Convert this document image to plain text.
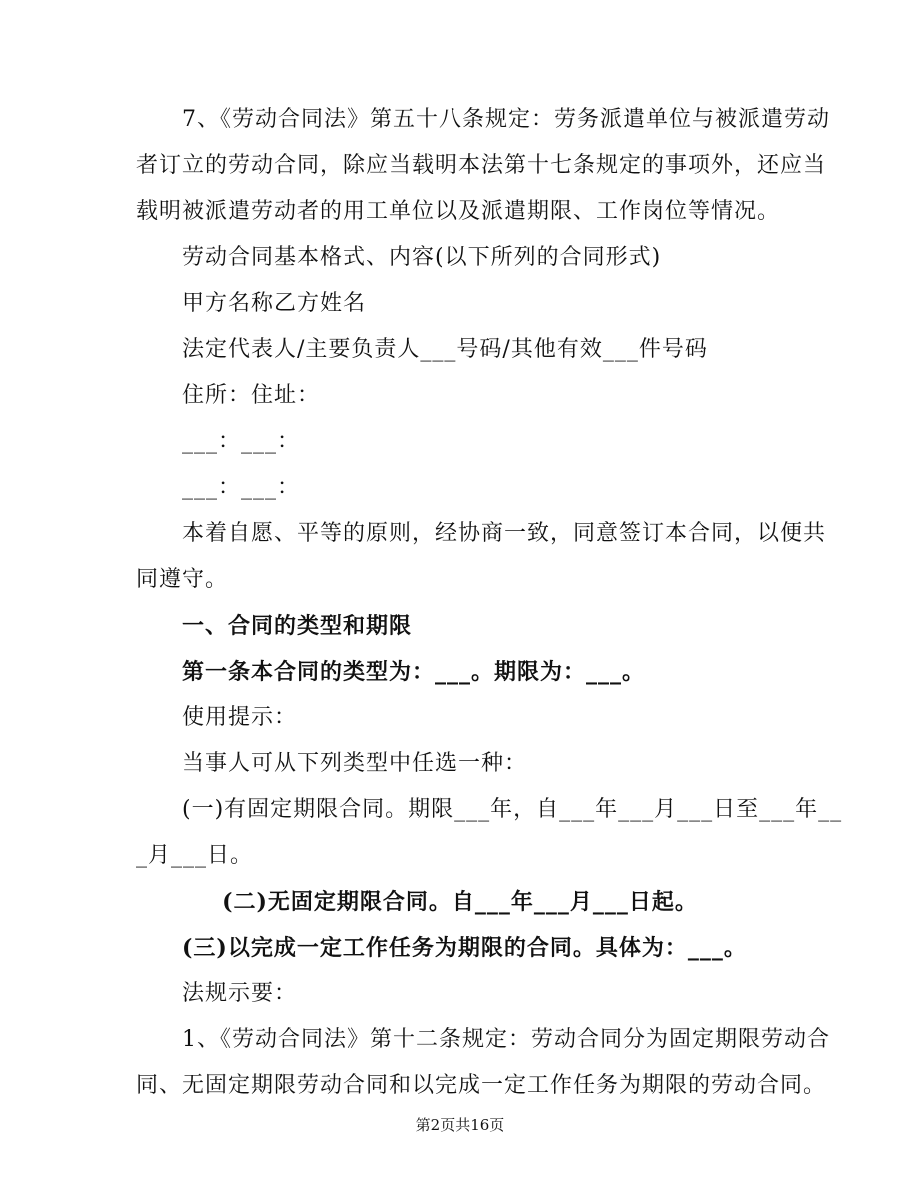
7、《劳动合同法》第五十八条规定：劳务派遣单位与被派遣劳动
者订立的劳动合同，除应当载明本法第十七条规定的事项外，还应当
载明被派遣劳动者的用工单位以及派遣期限、工作岗位等情况。
劳动合同基本格式、内容(以下所列的合同形式)
甲方名称乙方姓名
法定代表人/主要负责人___号码/其他有效___件号码
住所：住址：
___：___：
___：___：
本着自愿、平等的原则，经协商一致，同意签订本合同，以便共
同遵守。
一、合同的类型和期限
第一条本合同的类型为：___。期限为：___。
使用提示：
当事人可从下列类型中任选一种：
(一)有固定期限合同。期限___年，自___年___月___日至___年__
_月___日。
(二)无固定期限合同。自___年___月___日起。
(三)以完成一定工作任务为期限的合同。具体为：___。
法规示要：
1、《劳动合同法》第十二条规定：劳动合同分为固定期限劳动合
同、无固定期限劳动合同和以完成一定工作任务为期限的劳动合同。
第2页共16页
